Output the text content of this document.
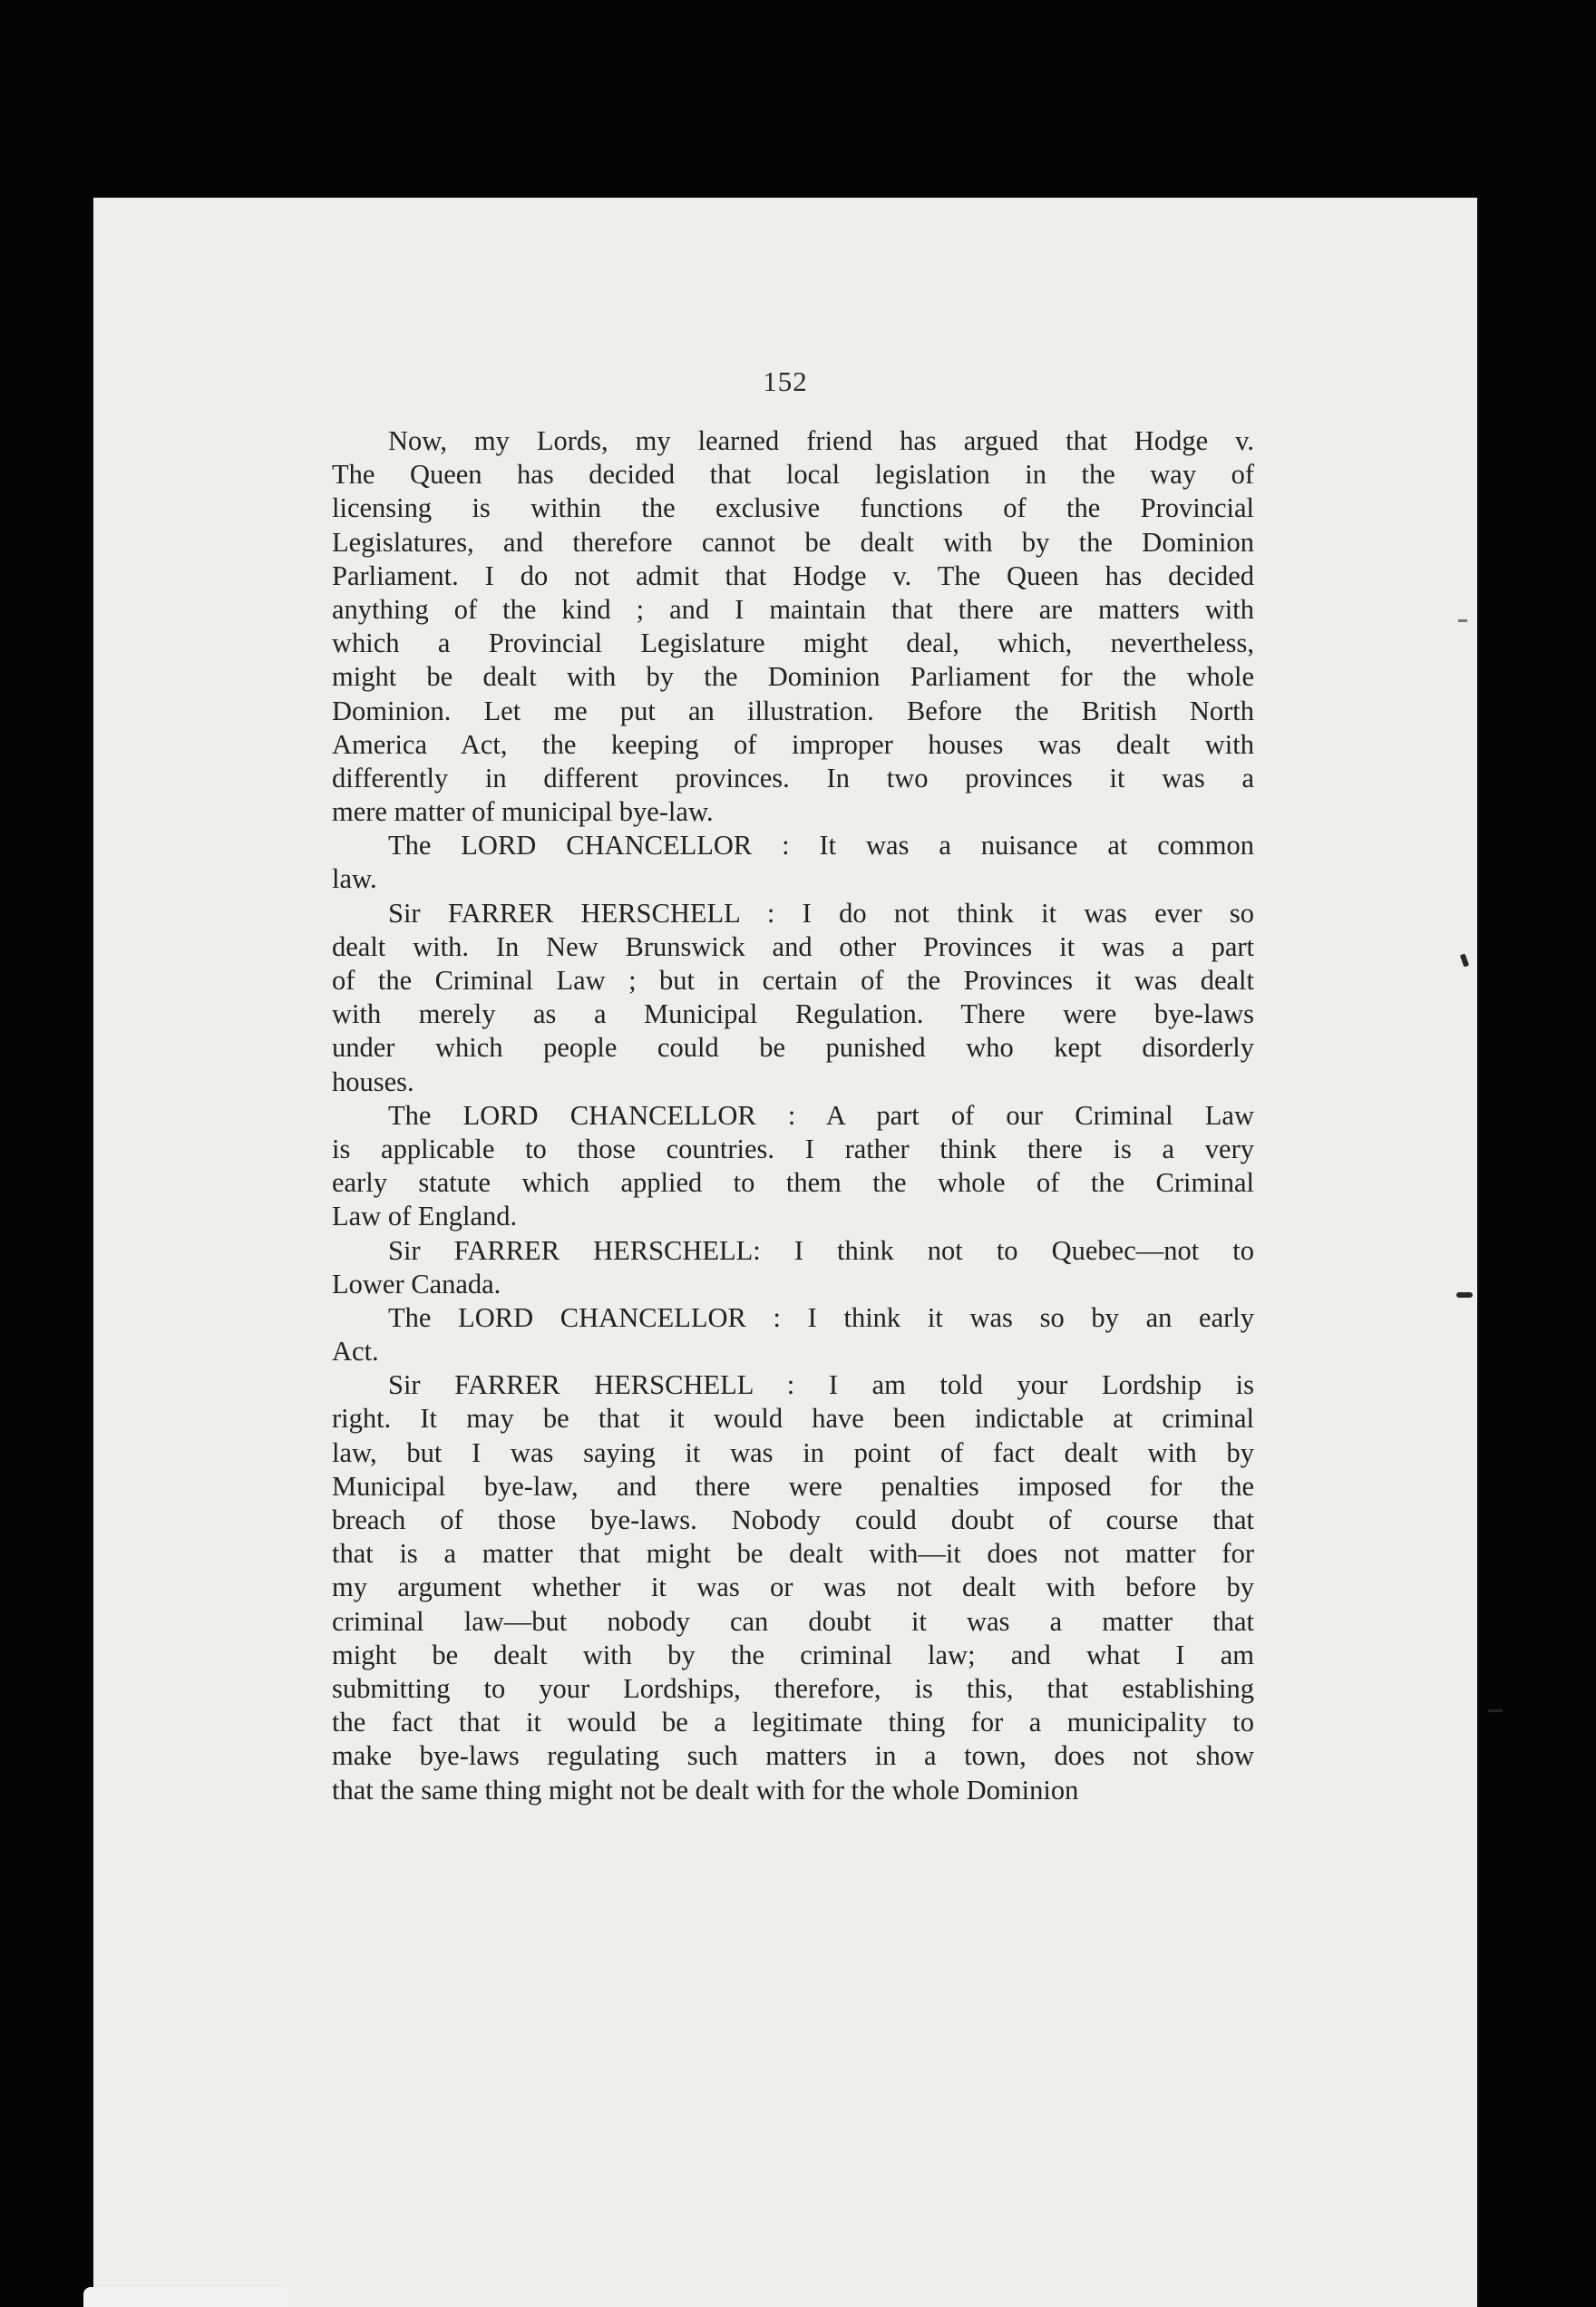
152
Now, my Lords, my learned friend has argued that Hodge v.
The Queen has decided that local legislation in the way of
licensing is within the exclusive functions of the Provincial
Legislatures, and therefore cannot be dealt with by the Dominion
Parliament. I do not admit that Hodge v. The Queen has decided
anything of the kind ; and I maintain that there are matters with
which a Provincial Legislature might deal, which, nevertheless,
might be dealt with by the Dominion Parliament for the whole
Dominion. Let me put an illustration. Before the British North
America Act, the keeping of improper houses was dealt with
differently in different provinces. In two provinces it was a
mere matter of municipal bye-law.
The LORD CHANCELLOR : It was a nuisance at common
law.
Sir FARRER HERSCHELL : I do not think it was ever so
dealt with. In New Brunswick and other Provinces it was a part
of the Criminal Law ; but in certain of the Provinces it was dealt
with merely as a Municipal Regulation. There were bye-laws
under which people could be punished who kept disorderly
houses.
The LORD CHANCELLOR : A part of our Criminal Law
is applicable to those countries. I rather think there is a very
early statute which applied to them the whole of the Criminal
Law of England.
Sir FARRER HERSCHELL: I think not to Quebec—not to
Lower Canada.
The LORD CHANCELLOR : I think it was so by an early
Act.
Sir FARRER HERSCHELL : I am told your Lordship is
right. It may be that it would have been indictable at criminal
law, but I was saying it was in point of fact dealt with by
Municipal bye-law, and there were penalties imposed for the
breach of those bye-laws. Nobody could doubt of course that
that is a matter that might be dealt with—it does not matter for
my argument whether it was or was not dealt with before by
criminal law—but nobody can doubt it was a matter that
might be dealt with by the criminal law; and what I am
submitting to your Lordships, therefore, is this, that establishing
the fact that it would be a legitimate thing for a municipality to
make bye-laws regulating such matters in a town, does not show
that the same thing might not be dealt with for the whole Dominion
